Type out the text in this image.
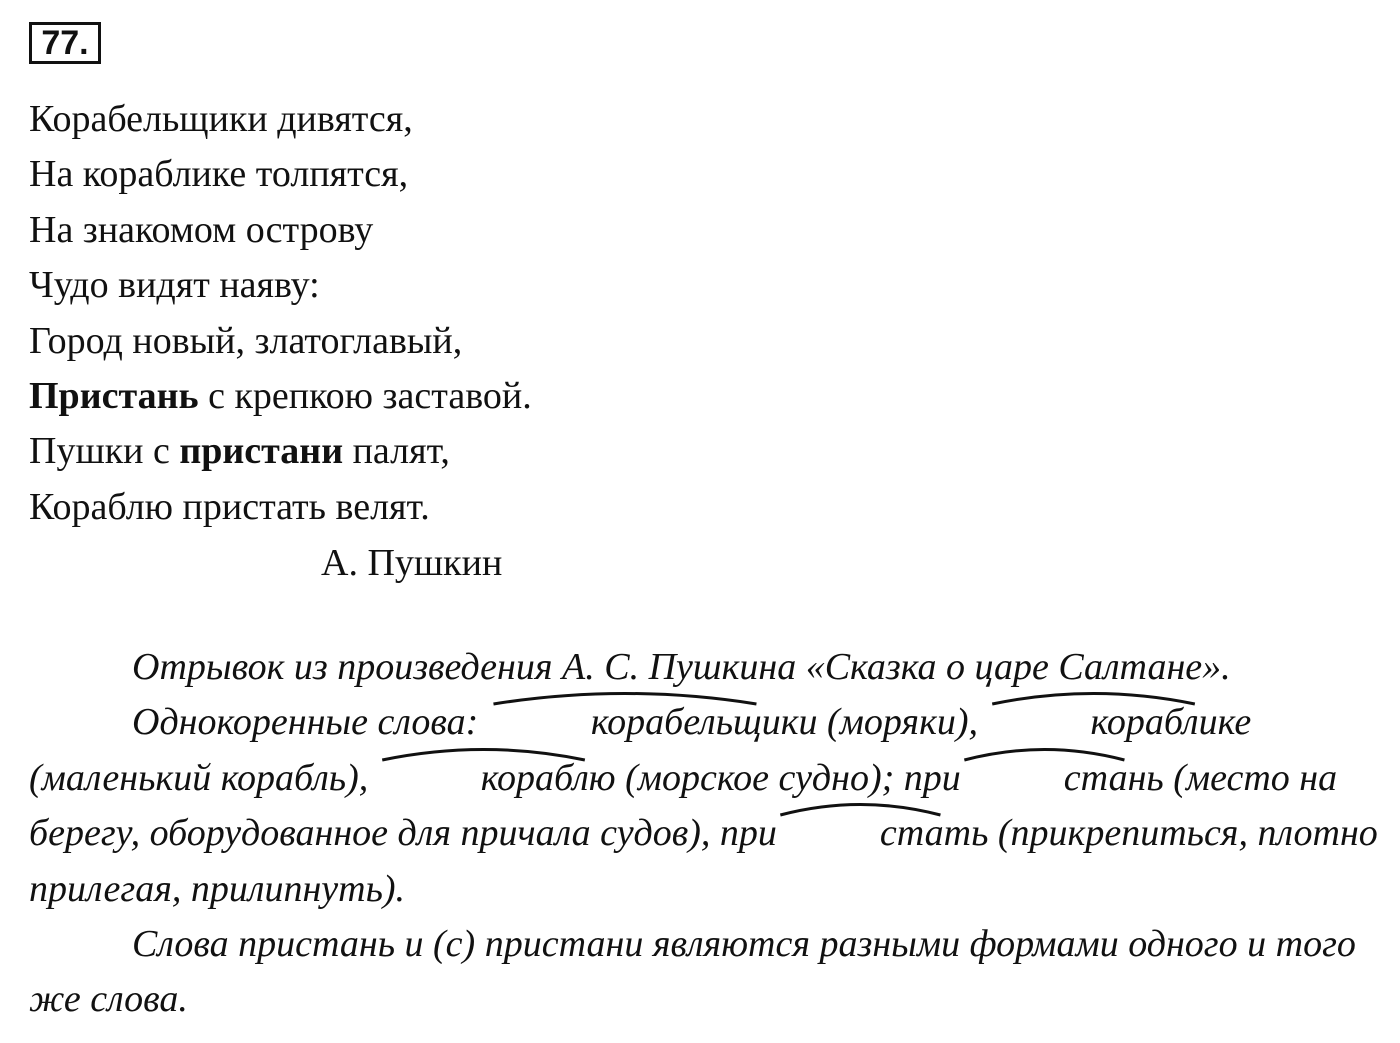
77.
Корабельщики дивятся,
На кораблике толпятся,
На знакомом острову
Чудо видят наяву:
Город новый, златоглавый,
Пристань с крепкою заставой.
Пушки с пристани палят,
Кораблю пристать велят.
А. Пушкин

Отрывок из произведения А. С. Пушкина «Сказка о царе Салтане».

Однокоренные слова:	корабельщики (моряки),	кораблике (маленький корабль),	кораблю (морское судно); при	стань (место на берегу, оборудованное для причала судов), при	стать (прикрепиться, плотно прилегая, прилипнуть).

Слова пристань и (с) пристани являются разными формами одного и того же слова.
